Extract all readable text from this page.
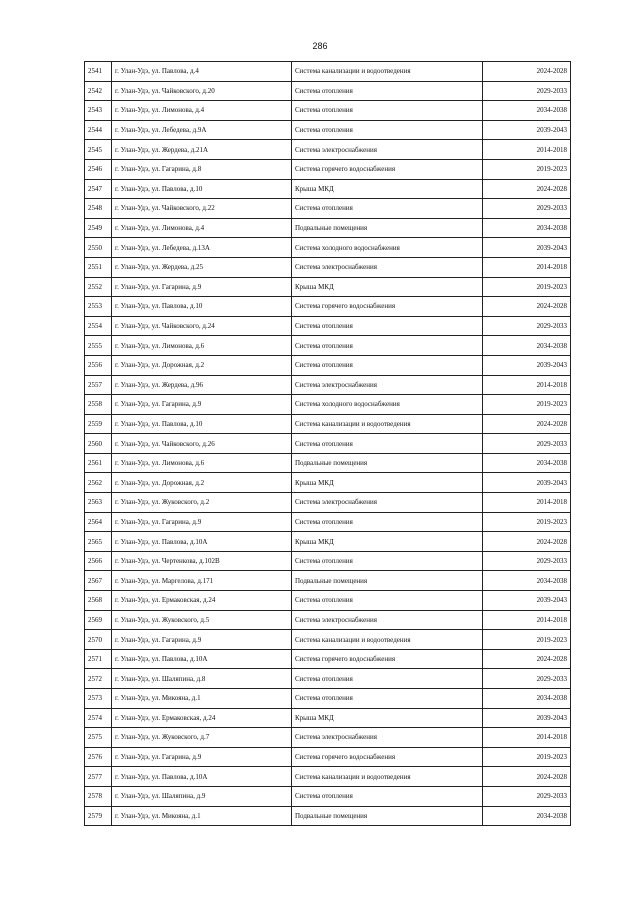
286
2541	г. Улан-Удэ, ул. Павлова, д.4	Система канализации и водоотведения	2024-2028
2542	г. Улан-Удэ, ул. Чайковского, д.20	Система отопления	2029-2033
2543	г. Улан-Удэ, ул. Лимонова, д.4	Система отопления	2034-2038
2544	г. Улан-Удэ, ул. Лебедева, д.9А	Система отопления	2039-2043
2545	г. Улан-Удэ, ул. Жердева, д.21А	Система электроснабжения	2014-2018
2546	г. Улан-Удэ, ул. Гагарина, д.8	Система горячего водоснабжения	2019-2023
2547	г. Улан-Удэ, ул. Павлова, д.10	Крыша МКД	2024-2028
2548	г. Улан-Удэ, ул. Чайковского, д.22	Система отопления	2029-2033
2549	г. Улан-Удэ, ул. Лимонова, д.4	Подвальные помещения	2034-2038
2550	г. Улан-Удэ, ул. Лебедева, д.13А	Система холодного водоснабжения	2039-2043
2551	г. Улан-Удэ, ул. Жердева, д.25	Система электроснабжения	2014-2018
2552	г. Улан-Удэ, ул. Гагарина, д.9	Крыша МКД	2019-2023
2553	г. Улан-Удэ, ул. Павлова, д.10	Система горячего водоснабжения	2024-2028
2554	г. Улан-Удэ, ул. Чайковского, д.24	Система отопления	2029-2033
2555	г. Улан-Удэ, ул. Лимонова, д.6	Система отопления	2034-2038
2556	г. Улан-Удэ, ул. Дорожная, д.2	Система отопления	2039-2043
2557	г. Улан-Удэ, ул. Жердева, д.96	Система электроснабжения	2014-2018
2558	г. Улан-Удэ, ул. Гагарина, д.9	Система холодного водоснабжения	2019-2023
2559	г. Улан-Удэ, ул. Павлова, д.10	Система канализации и водоотведения	2024-2028
2560	г. Улан-Удэ, ул. Чайковского, д.26	Система отопления	2029-2033
2561	г. Улан-Удэ, ул. Лимонова, д.6	Подвальные помещения	2034-2038
2562	г. Улан-Удэ, ул. Дорожная, д.2	Крыша МКД	2039-2043
2563	г. Улан-Удэ, ул. Жуковского, д.2	Система электроснабжения	2014-2018
2564	г. Улан-Удэ, ул. Гагарина, д.9	Система отопления	2019-2023
2565	г. Улан-Удэ, ул. Павлова, д.10А	Крыша МКД	2024-2028
2566	г. Улан-Удэ, ул. Чертенкова, д.102В	Система отопления	2029-2033
2567	г. Улан-Удэ, ул. Маргелова, д.171	Подвальные помещения	2034-2038
2568	г. Улан-Удэ, ул. Ермаковская, д.24	Система отопления	2039-2043
2569	г. Улан-Удэ, ул. Жуковского, д.5	Система электроснабжения	2014-2018
2570	г. Улан-Удэ, ул. Гагарина, д.9	Система канализации и водоотведения	2019-2023
2571	г. Улан-Удэ, ул. Павлова, д.10А	Система горячего водоснабжения	2024-2028
2572	г. Улан-Удэ, ул. Шаляпина, д.8	Система отопления	2029-2033
2573	г. Улан-Удэ, ул. Микояна, д.1	Система отопления	2034-2038
2574	г. Улан-Удэ, ул. Ермаковская, д.24	Крыша МКД	2039-2043
2575	г. Улан-Удэ, ул. Жуковского, д.7	Система электроснабжения	2014-2018
2576	г. Улан-Удэ, ул. Гагарина, д.9	Система горячего водоснабжения	2019-2023
2577	г. Улан-Удэ, ул. Павлова, д.10А	Система канализации и водоотведения	2024-2028
2578	г. Улан-Удэ, ул. Шаляпина, д.9	Система отопления	2029-2033
2579	г. Улан-Удэ, ул. Микояна, д.1	Подвальные помещения	2034-2038
